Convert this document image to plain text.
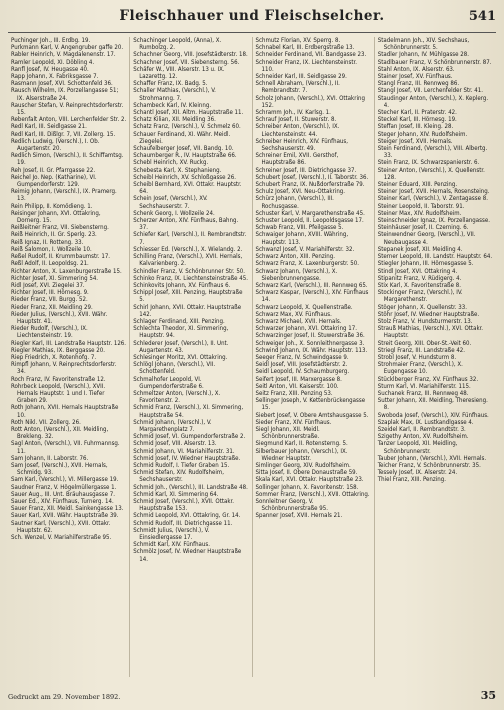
Fleischhauer und Fleischselcher.	541

Puchinger Joh., III. Erdbg. 19.

Purkmann Karl, V. Angengruber gaffe 20.

Rabler Heinrich, V. Magdalenenstr. 17.

Ramler Leopold, XI. Döbling 4.

Ranfl Josef, IV. Heugasse 40.

Rapp Johann, X. Fabriksgasse 7.

Rasmann Josef, XVI. Schottenfeld 36.

Rausch Wilhelm, IX. Porzellangasse 51; IX. Alserstraße 24.

Rauscher Stefan, V. Reinprechtsdorferstr. 15.

Rebenfalt Anton, VIII. Lerchenfelder Str. 2.

Redl Karl, III. Seidlgasse 21.

Redl Karl, III. Dißlgr. 7, VII. Zollerg. 15.

Redlich Ludwig, (Verschl.), I. Ob. Augartenstr. 20.

Redlich Simon, (Verschl.), II. Schiffamtsg. 19.

Reh Josef, II. Gr. Pfarrgasse 22.

Reichel Jo. Nep. (Katharine), VI. Gumpendorferstr. 129.

Reimig Johann, (Verschl.), IX. Pramerg. 13.

Rein Philipp, II. Komödieng. 1.

Reisinger Johann, XVI. Ottakring, Dornerg. 15.

Reißleitner Franz, VII. Siebensterng.

Reiß Heinrich, II. Gr. Sperlg. 23.

Reiß Ignaz, II. Rotteng. 33.

Reiß Salomon, I. Wollzeile 10.

Reßel Rudolf, II. Krummbaumstr. 17.

Reßl Adolf, II. Leopoldsg. 21.

Richter Anton, X. Laxenburgerstraße 15.

Richter Josef, XI. Simmering 54.

Ridl Josef, XVI. Ziegelei 37.

Richter Josef, III. Hörnesg. 9.

Rieder Franz, VII. Burgg. 52.

Rieder Franz, XII. Meidling 29.

Rieder Julius, (Verschl.), XVII. Währ. Hauptstr. 41.

Rieder Rudolf, (Verschl.), IX. Liechtensteinstr. 19.

Riegler Karl, III. Landstraße Hauptstr. 126.

Riegler Mathias, IX. Berggasse 20.

Riep Friedrich, X. Rotenhofg. 7.

Rimpfl Johann, V. Reinprechtsdorferstr. 34.

Roch Franz, IV. Favoritenstraße 12.

Rohrbeck Leopold, (Verschl.), XVII. Hernals Hauptstr. 1 und I. Tiefer Graben 29.

Roth Johann, XVII. Hernals Hauptstraße 10.

Roth Nikl. VII. Zollerg. 26.

Rott Anton, (Verschl.), XII. Meidling, Brekleng. 32.

Sagl Anton, (Verschl.), VII. Fuhrmannsg. 11.

Sam Johann, II. Laborstr. 76.

Sam Josef, (Verschl.), XVII. Hernals, Schmidg. 93.

Sam Karl, (Verschl.), VI. Millergasse 19.

Saudner Franz, V. Högelmüllergasse 1.

Sauer Aug., III. Unt. Bräuhausgasse 7.

Sauer Ed., XIV. Fünfhaus, Turnerg. 14.

Sauer Franz, XII. Meidl. Sainkengasse 13.

Sauer Karl, XVII. Währ. Hauptstraße 39.

Sautner Karl, (Verschl.), XVII. Ottakr. Hauptstr. 62.

Sch. Wenzel, V. Mariahilferstraße 95.

Schachinger Leopold, (Anna), X. Rumbolzg. 2.

Schachner Georg, VIII. Josefstädterstr. 18.

Schachner Josef, VII. Siebensterng. 56.

Schäfer W., VIII. Alserstr. 13 u. IX. Lazarettg. 12.

Schaffer Franz, IX. Badg. 5.

Schaller Mathias, (Verschl.), V. Strohmanng. 7.

Schambeck Karl, IV. Kleinng.

Schantl Josef, XII. Altm. Hauptstraße 11.

Schatz Kilian, XII. Meidling 36.

Schatz Franz, (Verschl.), V. Schmelz 60.

Schauer Ferdinand, XI. Währ. Meidl. Ziegelei.

Schaufelberger Josef, VII. Bandg. 10.

Schaumberger R., IV. Hauptstraße 66.

Schebl Heinrich, XV. Ruckg.

Schebesta Karl, X. Stephanieng.

Scheibl Heinrich, XV. Schloßgasse 26.

Scheibl Bernhard, XVI. Ottakr. Hauptstr. 64.

Schein Josef, (Verschl.), XV. Sechshauserstr. 7.

Schenk Georg, I. Wollzeile 24.

Scherzer Anton, XIV. Fünfhaus, Bahng. 37.

Schiefer Karl, (Verschl.), II. Rembrandtstr. 7.

Schiesser Ed. (Verschl.), X. Wielandg. 2.

Schilling Franz, (Verschl.), XVII. Hernals, Kalvarienberg. 2.

Schindler Franz, V. Schönbrunner Str. 50.

Schinko Franz, IX. Liechtensteinstraße 45.

Schinkovits Johann, XV. Fünfhaus 6.

Schippl Josef, XIII. Penzing, Hauptstraße 5.

Schirl Johann, XVII. Ottakr. Hauptstraße 142.

Schlager Ferdinand, XIII. Penzing.

Schlechta Theodor, XI. Simmering, Hauptstr. 94.

Schlederer Josef, (Verschl.), II. Unt. Augartenstr. 43.

Schlesinger Moritz, XVI. Ottakring.

Schlögl Johann, (Verschl.), VII. Schottenfeld.

Schmalhofer Leopold, VI. Gumpendorferstraße 6.

Schmeltzer Anton, (Verschl.), X. Favoritenstr. 2.

Schmid Franz, (Verschl.), XI. Simmering, Hauptstraße 54.

Schmid Johann, (Verschl.), V. Margarethenplatz 7.

Schmid Josef, VI. Gumpendorferstraße 2.

Schmid Josef, VIII. Alserstr. 13.

Schmid Johann, VI. Mariahilferstr. 31.

Schmid Josef, IV. Wiedner Hauptstraße.

Schmid Rudolf, I. Tiefer Graben 15.

Schmid Stefan, XIV. Rudolfsheim, Sechshauserstr.

Schmid Joh., (Verschl.), III. Landstraße 48.

Schmid Karl, XI. Simmering 64.

Schmid Josef, (Verschl.), XVII. Ottakr. Hauptstraße 153.

Schmid Leopold, XVI. Ottakring, Gr. 14.

Schmid Rudolf, III. Dietrichgasse 11.

Schmidt Julius, (Verschl.), V. Einsiedlergasse 17.

Schmidt Karl, XIV. Fünfhaus.

Schmölz Josef, IV. Wiedner Hauptstraße 14.

Schmutz Florian, XV. Sperrg. 8.

Schnabel Karl, III. Erdbergstraße 13.

Schneider Ferdinand, VII. Bandgasse 23.

Schneider Franz, IX. Liechtensteinstr. 110.

Schneider Karl, III. Seidlgasse 29.

Schnell Abraham, (Verschl.), II. Rembrandtstr. 7.

Scholz Johann, (Verschl.), XVI. Ottakring 152.

Schramm Joh., IV. Karlsg. 1.

Schrauf Josef, II. Stuwerstr. 8.

Schreiber Anton, (Verschl.), IX. Liechtensteinstr. 44.

Schreiber Heinrich, XIV. Fünfhaus, Sechshauserstr. 49.

Schreiner Emil, XVII. Gersthof, Hauptstraße 86.

Schreiner Josef, III. Dietrichgasse 37.

Schubert Josef, (Verschl.), II. Taborstr. 36.

Schubert Franz, IX. Nußdorferstraße 79.

Schulz Josef, XVI. Neu-Ottakring.

Schürz Johann, (Verschl.), III. Rochusgasse.

Schuster Karl, V. Margarethenstraße 45.

Schuster Leopold, II. Leopoldsgasse 17.

Schwab Franz, VIII. Pfeilgasse 5.

Schwaiger Johann, XVIII. Währing, Hauptstr. 113.

Schwanzl Josef, V. Mariahilferstr. 32.

Schwarz Anton, XIII. Penzing.

Schwarz Franz, X. Laxenburgerstr. 50.

Schwarz Johann, (Verschl.), X. Siebenbrunnengasse.

Schwarz Karl, (Verschl.), III. Rennweg 65.

Schwarz Kaspar, (Verschl.), XIV. Fünfhaus 14.

Schwarz Leopold, X. Quellenstraße.

Schwarz Max, XV. Fünfhaus.

Schwarz Michael, XVII. Hernals.

Schwarzer Johann, XVI. Ottakring 17.

Schwarzinger Josef, II. Stuwerstraße 36.

Schweiger Joh., X. Sonnleithnergasse 3.

Schwind Johann, IX. Währ. Hauptstr. 113.

Seeger Franz, IV. Schwindgasse 9.

Seidl Josef, VIII. Josefstädterstr. 2.

Seidl Leopold, IV. Schaumburgerg.

Seifert Josef, III. Marxergasse 8.

Seitl Anton, VII. Kaiserstr. 100.

Seitz Franz, XIII. Penzing 53.

Sellinger Joseph, V. Kettenbrückengasse 15.

Siebert Josef, V. Obere Amtshausgasse 5.

Sieder Franz, XIV. Fünfhaus.

Siegl Johann, XII. Meidl. Schönbrunnerstraße.

Siegmund Karl, II. Rotensterng. 5.

Silberbauer Johann, (Verschl.), IX. Wiedner Hauptstr.

Simlinger Georg, XIV. Rudolfsheim.

Sitta Josef, II. Obere Donaustraße 59.

Skala Karl, XVI. Ottakr. Hauptstraße 23.

Sollinger Johann, X. Favoritenstr. 158.

Sommer Franz, (Verschl.), XVII. Ottakring.

Sonnleitner Georg, V. Schönbrunnerstraße 95.

Spanner Josef, XVII. Hernals 21.

Stadelmann Joh., XIV. Sechshaus, Schönbrunnerstr. 5.

Stadler Johann, IV. Mühlgasse 28.

Stadlbauer Franz, V. Schönbrunnerstr. 87.

Stahl Anton, IX. Alserstr. 63.

Stainer Josef, XV. Fünfhaus.

Stangl Franz, III. Rennweg 86.

Stangl Josef, VII. Lerchenfelder Str. 41.

Staudinger Anton, (Verschl.), X. Keplerg. 4.

Stecher Karl, II. Praterstr. 42.

Steckel Karl, III. Hörnesg. 19.

Steffan Josef, III. Kleing. 28.

Steger Johann, XIV. Rudolfsheim.

Steiger Josef, XVII. Hernals.

Stein Ferdinand, (Verschl.), VIII. Albertg. 33.

Stein Franz, IX. Schwarzspanierstr. 6.

Steiner Anton, (Verschl.), X. Quellenstr. 128.

Steiner Eduard, XIII. Penzing.

Steiner Josef, XVII. Hernals, Rosensteing.

Steiner Karl, (Verschl.), V. Zentagasse 8.

Steiner Leopold, II. Taborstr. 91.

Steiner Max, XIV. Rudolfsheim.

Steinschneider Ignaz, IX. Porzellangasse.

Steinhäuser Josef, II. Czerning. 6.

Steinwendner Georg, (Verschl.), VII. Neubaugasse 4.

Stepanek Josef, XII. Meidling 4.

Sterner Leopold, III. Landstr. Hauptstr. 64.

Stiegler Johann, III. Hörnesgasse 5.

Stindl Josef, XVI. Ottakring 4.

Stipanitz Franz, V. Rüdigerg. 4.

Stix Karl, X. Favoritenstraße 8.

Stockinger Franz, (Verschl.), IV. Margarethenstr.

Stöger Johann, X. Quellenstr. 33.

Stöhr Josef, IV. Wiedner Hauptstraße.

Stolz Franz, V. Hundsturmerstr. 13.

Strauß Mathias, (Verschl.), XVI. Ottakr. Hauptstr.

Streit Georg, XIII. Ober-St.-Veit 60.

Striegl Franz, III. Landstraße 42.

Strobl Josef, V. Hundsturm 8.

Strohmaier Franz, (Verschl.), X. Eugengasse 10.

Stücklberger Franz, XV. Fünfhaus 32.

Sturm Karl, VI. Mariahilferstr. 115.

Suchanek Franz, III. Rennweg 48.

Sutter Johann, XII. Meidling, Theresieng. 8.

Swoboda Josef, (Verschl.), XIV. Fünfhaus.

Szaplak Max, IX. Lustkandlgasse 4.

Szeidel Karl, II. Rembrandtstr. 3.

Szigethy Anton, XV. Rudolfsheim.

Tanzer Leopold, XII. Meidling, Schönbrunnerstr.

Tauber Johann, (Verschl.), XVII. Hernals.

Teicher Franz, V. Schönbrunnerstr. 35.

Tessely Josef, IX. Alserstr. 24.

Thiel Franz, XIII. Penzing.

Gedruckt am 29. November 1892.	35
